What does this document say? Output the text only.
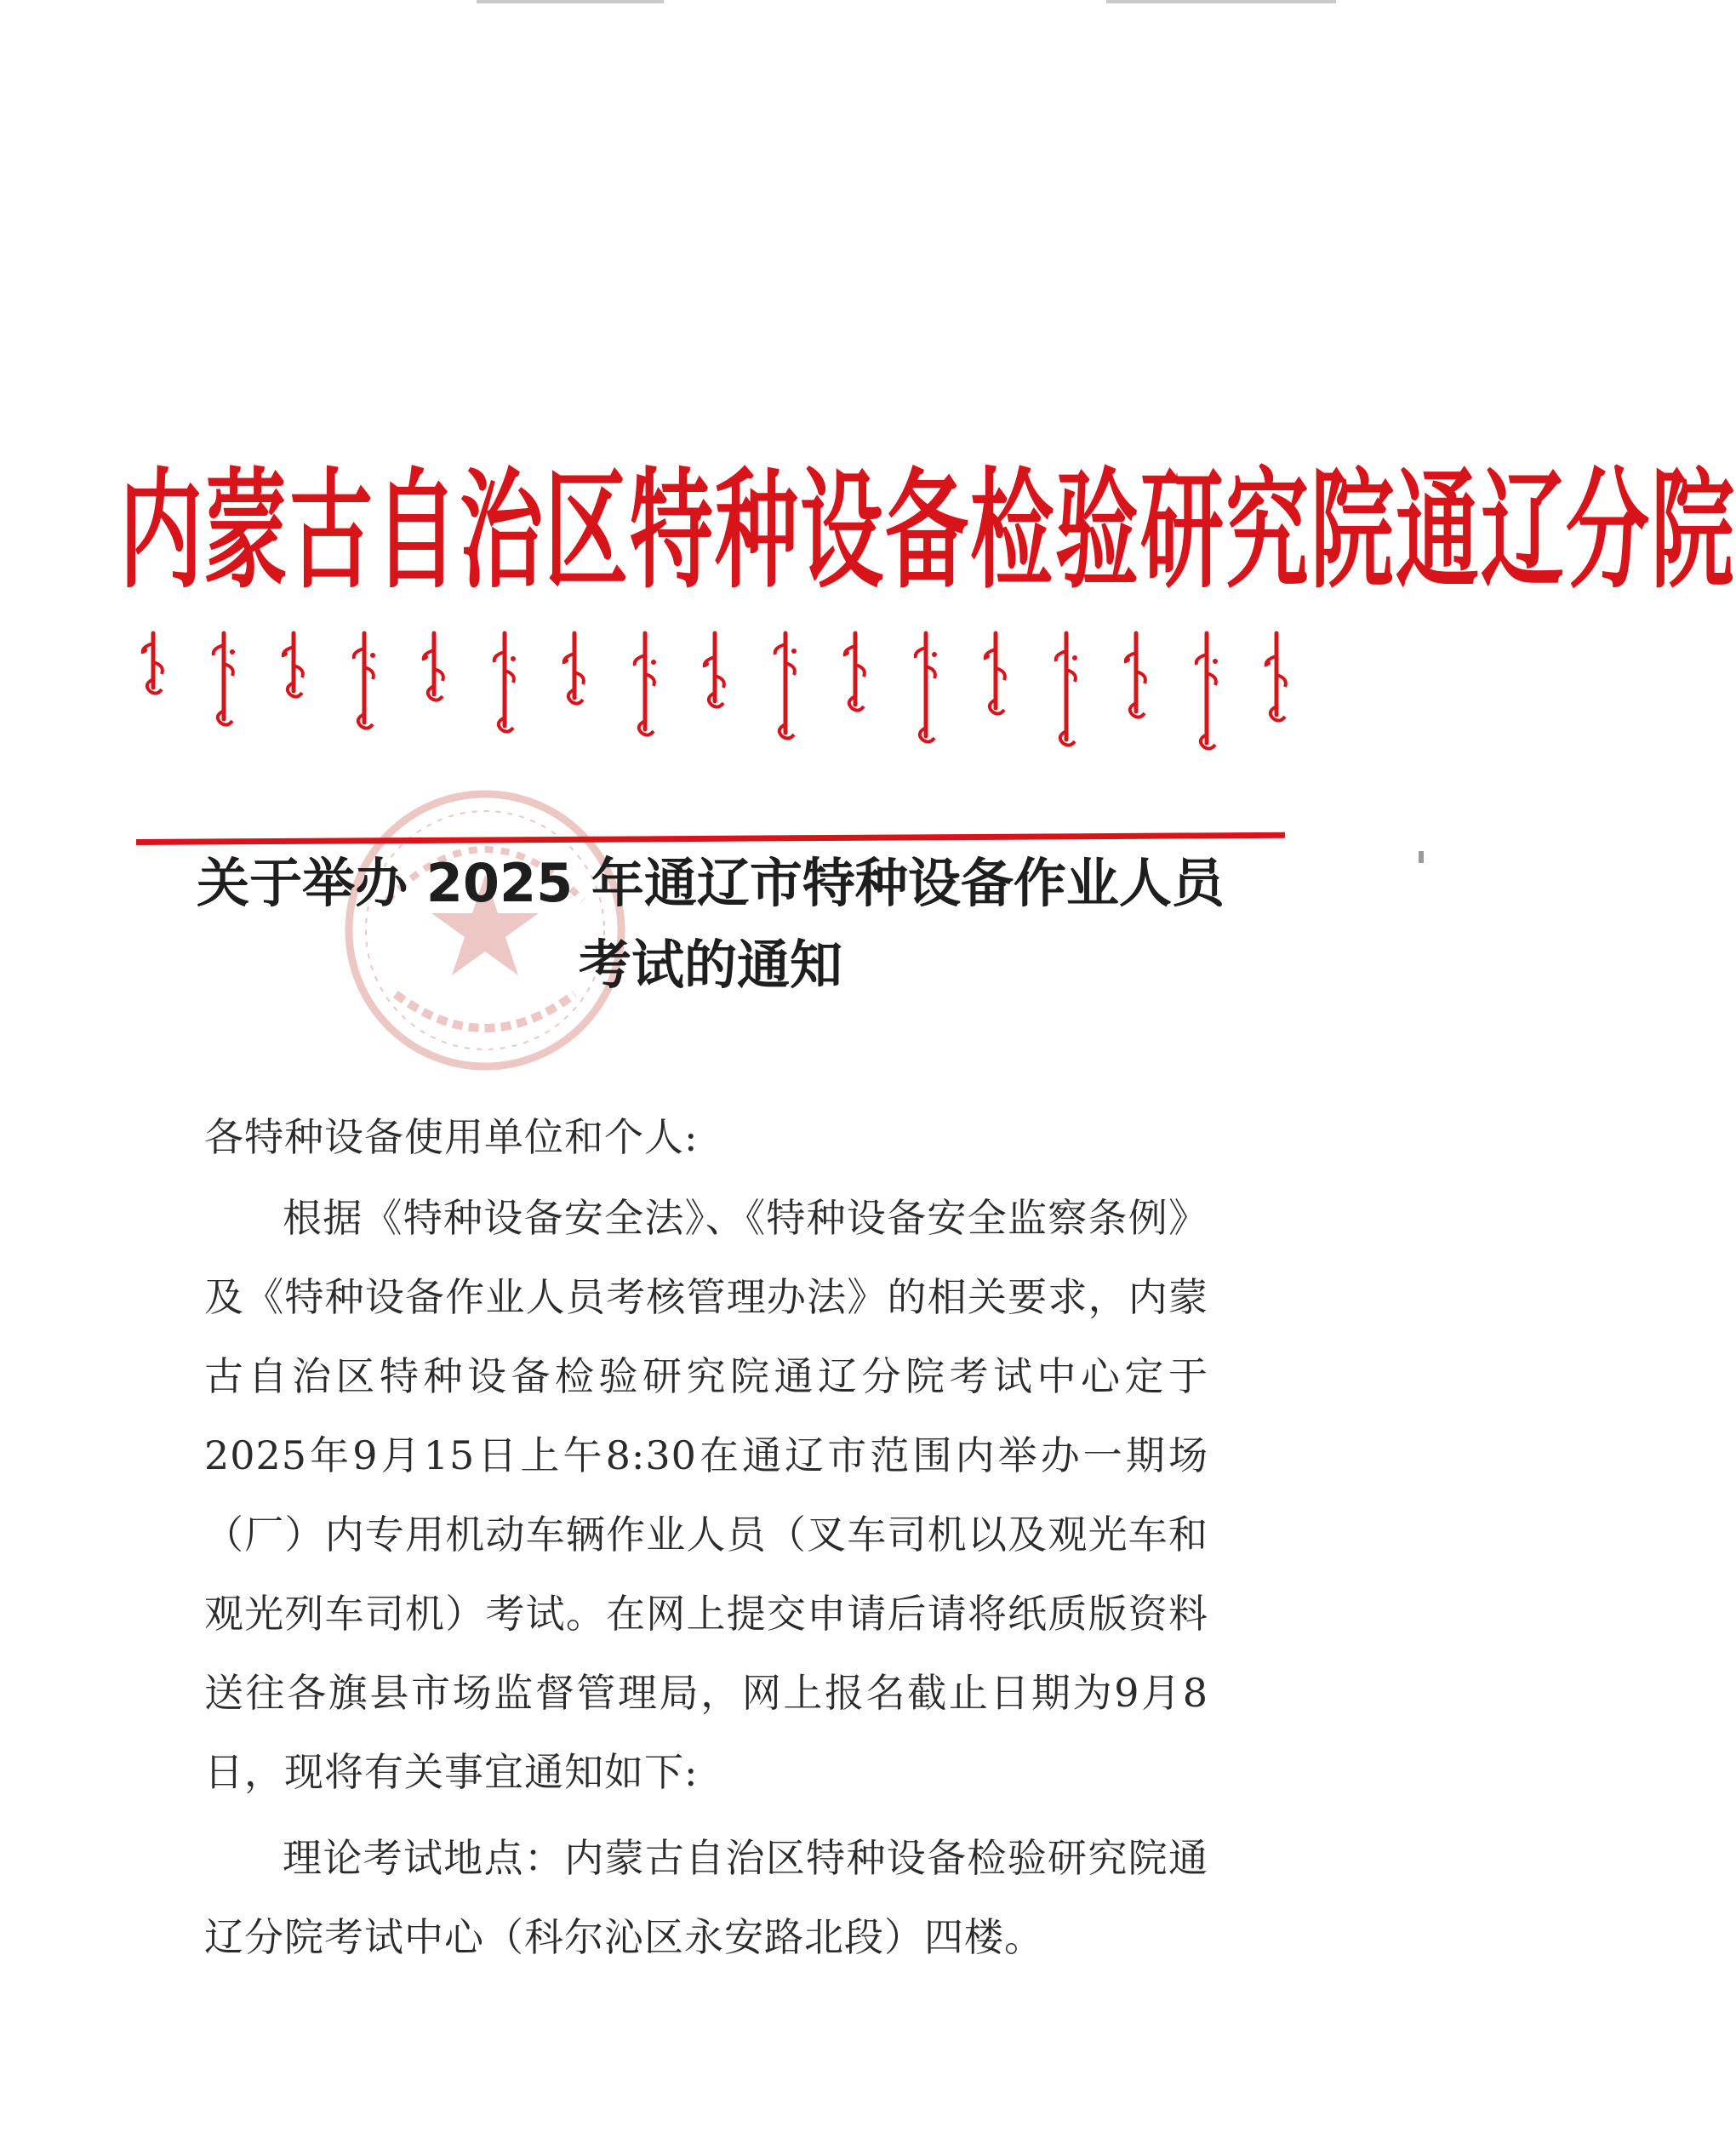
内蒙古自治区特种设备检验研究院通辽分院
关于举办 2025 年通辽市特种设备作业人员
考试的通知

各特种设备使用单位和个人:

根据《特种设备安全法》、《特种设备安全监察条例》及《特种设备作业人员考核管理办法》的相关要求，内蒙古自治区特种设备检验研究院通辽分院考试中心定于2025年9月15日上午8:30在通辽市范围内举办一期场（厂）内专用机动车辆作业人员（叉车司机以及观光车和观光列车司机）考试。在网上提交申请后请将纸质版资料送往各旗县市场监督管理局，网上报名截止日期为9月8日，现将有关事宜通知如下:

理论考试地点：内蒙古自治区特种设备检验研究院通辽分院考试中心（科尔沁区永安路北段）四楼。
